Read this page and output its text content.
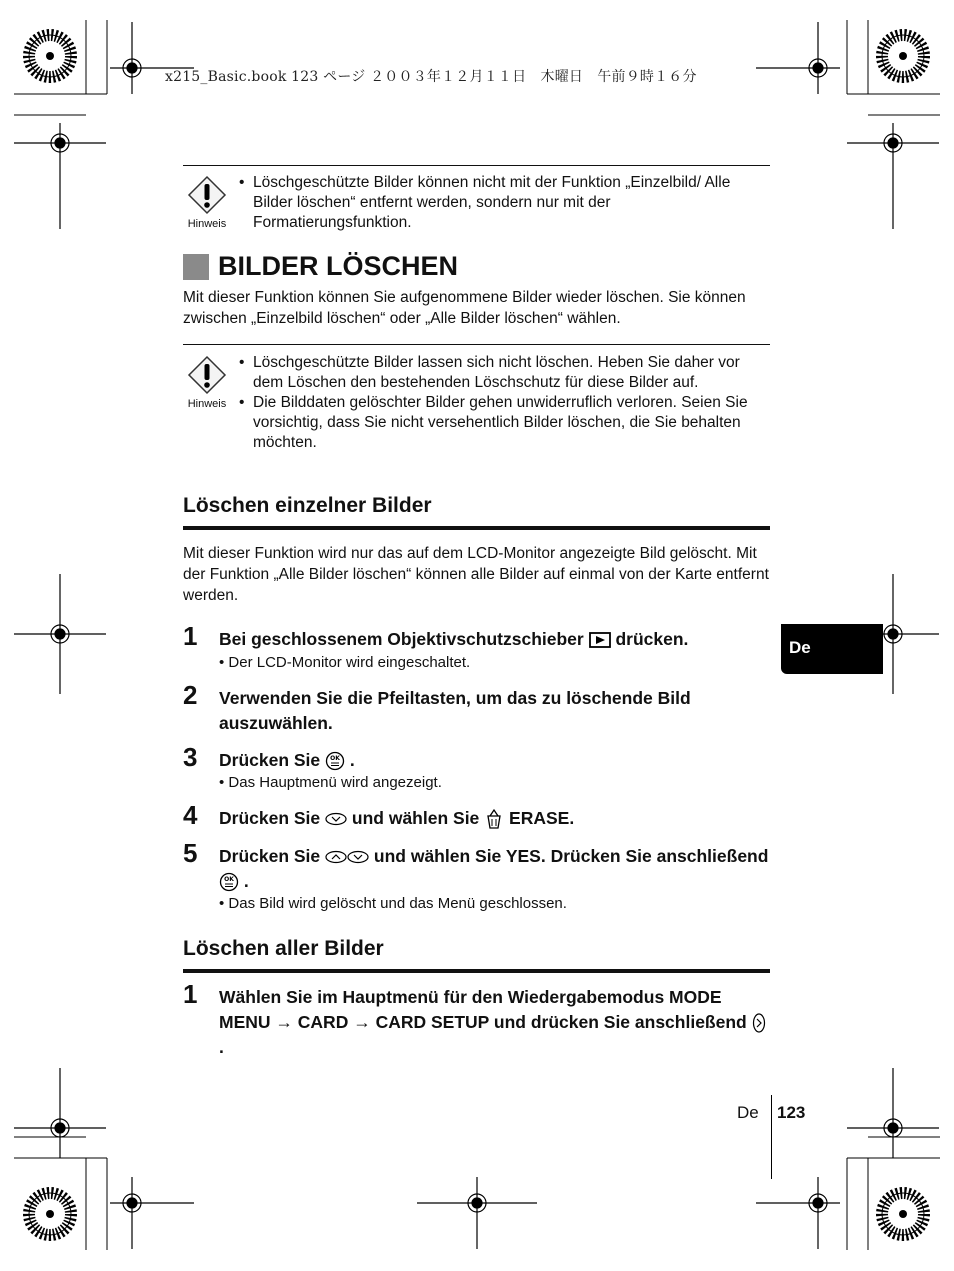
x215_Basic.book 123 ページ ２００３年１２月１１日　木曜日　午前９時１６分
Hinweis
• Löschgeschützte Bilder können nicht mit der Funktion „Einzelbild/ Alle Bilder löschen“ entfernt werden, sondern nur mit der Formatierungsfunktion.
BILDER LÖSCHEN
Mit dieser Funktion können Sie aufgenommene Bilder wieder löschen. Sie können zwischen „Einzelbild löschen“ oder „Alle Bilder löschen“ wählen.
Hinweis
• Löschgeschützte Bilder lassen sich nicht löschen. Heben Sie daher vor dem Löschen den bestehenden Löschschutz für diese Bilder auf.
• Die Bilddaten gelöschter Bilder gehen unwiderruflich verloren. Seien Sie vorsichtig, dass Sie nicht versehentlich Bilder löschen, die Sie behalten möchten.
Löschen einzelner Bilder
Mit dieser Funktion wird nur das auf dem LCD-Monitor angezeigte Bild gelöscht. Mit der Funktion „Alle Bilder löschen“ können alle Bilder auf einmal von der Karte entfernt werden.
1 Bei geschlossenem Objektivschutzschieber drücken.
• Der LCD-Monitor wird eingeschaltet.
2 Verwenden Sie die Pfeiltasten, um das zu löschende Bild auszuwählen.
3 Drücken Sie OK .
• Das Hauptmenü wird angezeigt.
4 Drücken Sie und wählen Sie ERASE.
5 Drücken Sie	und wählen Sie YES. Drücken Sie anschließend
OK .
• Das Bild wird gelöscht und das Menü geschlossen.
Löschen aller Bilder
1 Wählen Sie im Hauptmenü für den Wiedergabemodus MODE MENU → CARD → CARD SETUP und drücken Sie anschließend  .
De
De 123
